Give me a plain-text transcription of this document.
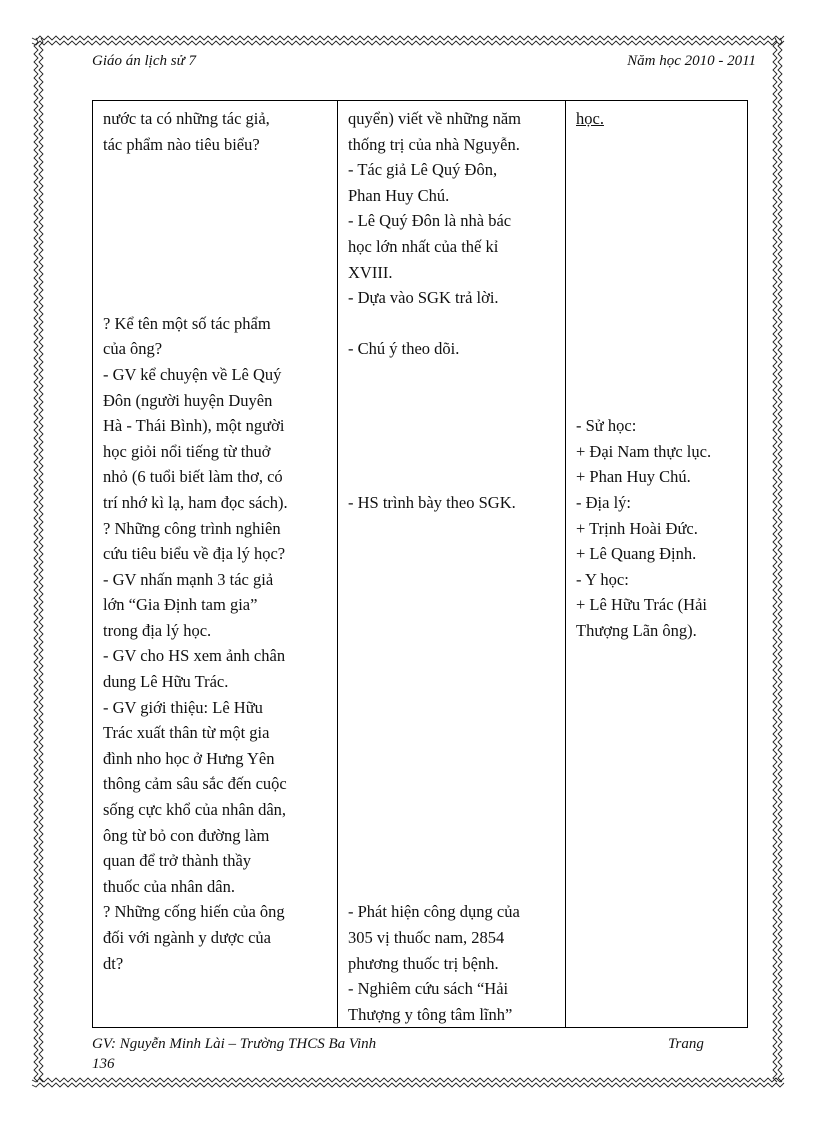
Giáo án lịch sử 7	Năm học 2010 - 2011
nước ta có những tác giả,
tác phẩm nào tiêu biểu?
? Kể tên một số tác phẩm
của ông?
- GV kể chuyện về Lê Quý
Đôn (người huyện Duyên
Hà - Thái Bình), một người
học giỏi nổi tiếng từ thuở
nhỏ (6 tuổi biết làm thơ, có
trí nhớ kì lạ, ham đọc sách).
? Những công trình nghiên
cứu tiêu biểu về địa lý học?
- GV nhấn mạnh 3 tác giả
lớn “Gia Định tam gia”
trong địa lý học.
- GV cho HS xem ảnh chân
dung Lê Hữu Trác.
- GV giới thiệu: Lê Hữu
Trác xuất thân từ một gia
đình nho học ở Hưng Yên
thông cảm sâu sắc đến cuộc
sống cực khổ của nhân dân,
ông từ bỏ con đường làm
quan để trở thành thầy
thuốc của nhân dân.
? Những cống hiến của ông
đối với ngành y dược của
dt?

quyển) viết về những năm
thống trị của nhà Nguyễn.
- Tác giả Lê Quý Đôn,
Phan Huy Chú.
- Lê Quý Đôn là nhà bác
học lớn nhất của thế kỉ
XVIII.
- Dựa vào SGK trả lời.
- Chú ý theo dõi.
- HS trình bày theo SGK.
- Phát hiện công dụng của
305 vị thuốc nam, 2854
phương thuốc trị bệnh.
- Nghiêm cứu sách “Hải
Thượng y tông tâm lĩnh”

học.
- Sử học:
+ Đại Nam thực lục.
+ Phan Huy Chú.
- Địa lý:
+ Trịnh Hoài Đức.
+ Lê Quang Định.
- Y học:
+ Lê Hữu Trác (Hải
Thượng Lãn ông).
GV: Nguyễn Minh Lài – Trường THCS Ba Vinh	Trang
136
